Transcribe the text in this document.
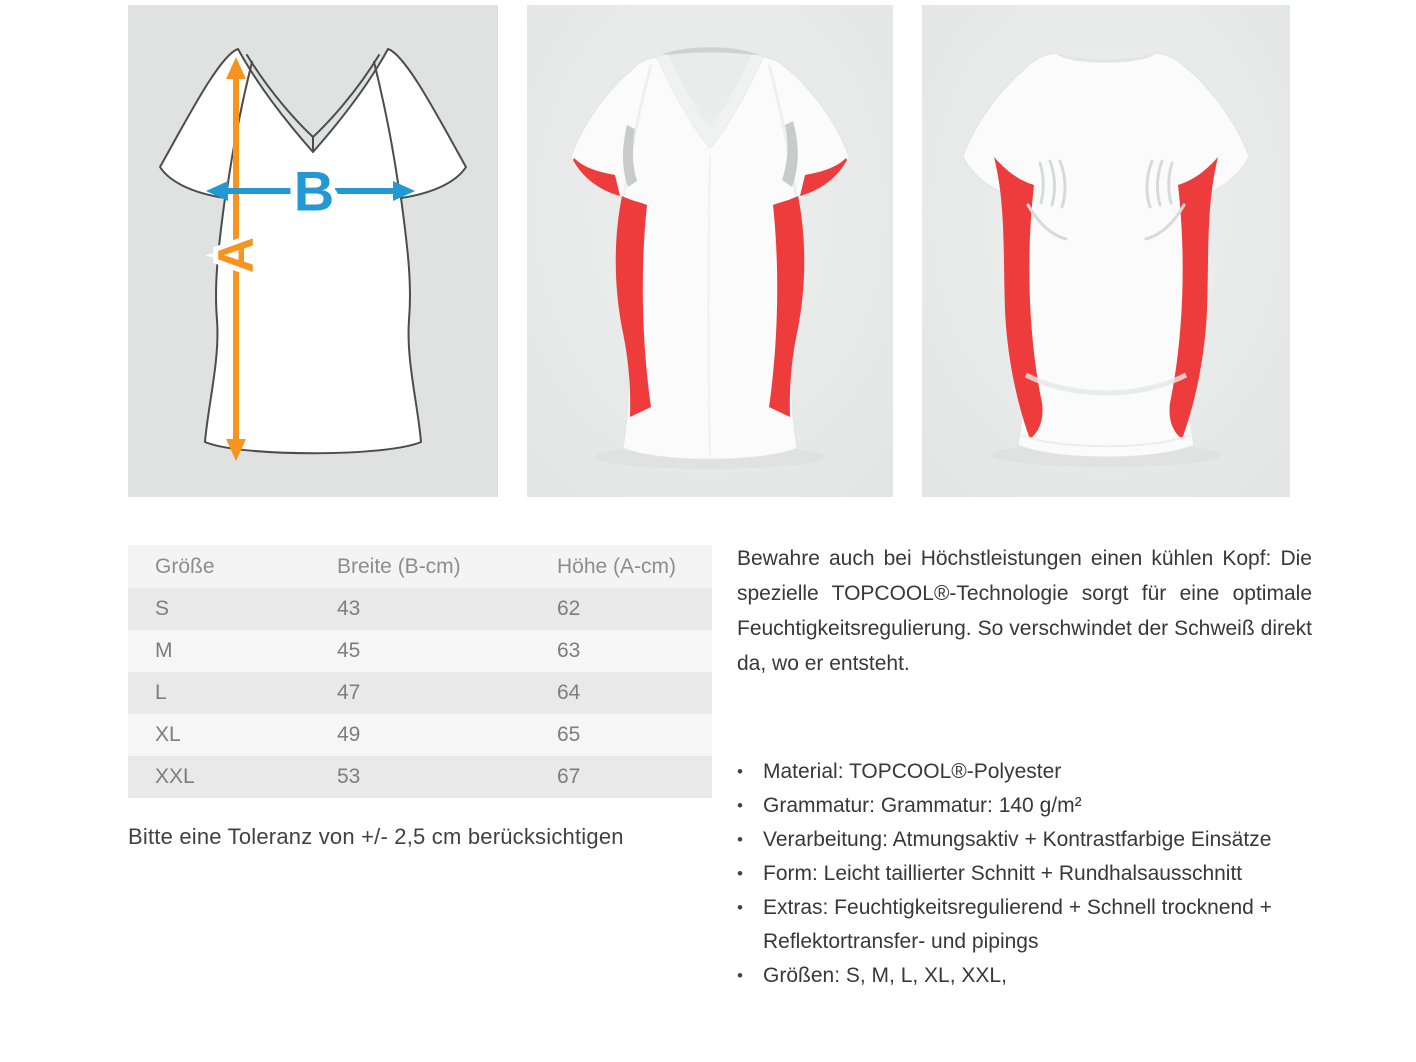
A
B
Größe	Breite (B-cm)	Höhe (A-cm)
S	43	62
M	45	63
L	47	64
XL	49	65
XXL	53	67
Bitte eine Toleranz von +/- 2,5 cm berücksichtigen

Bewahre auch bei Höchstleistungen einen kühlen Kopf: Die spezielle TOPCOOL®-Technologie sorgt für eine optimale Feuchtigkeitsregulierung. So verschwindet der Schweiß direkt da, wo er entsteht.

• Material: TOPCOOL®-Polyester
• Grammatur: Grammatur: 140 g/m²
• Verarbeitung: Atmungsaktiv + Kontrastfarbige Einsätze
• Form: Leicht taillierter Schnitt + Rundhalsausschnitt
• Extras: Feuchtigkeitsregulierend + Schnell trocknend + Reflektortransfer- und pipings
• Größen: S, M, L, XL, XXL,
